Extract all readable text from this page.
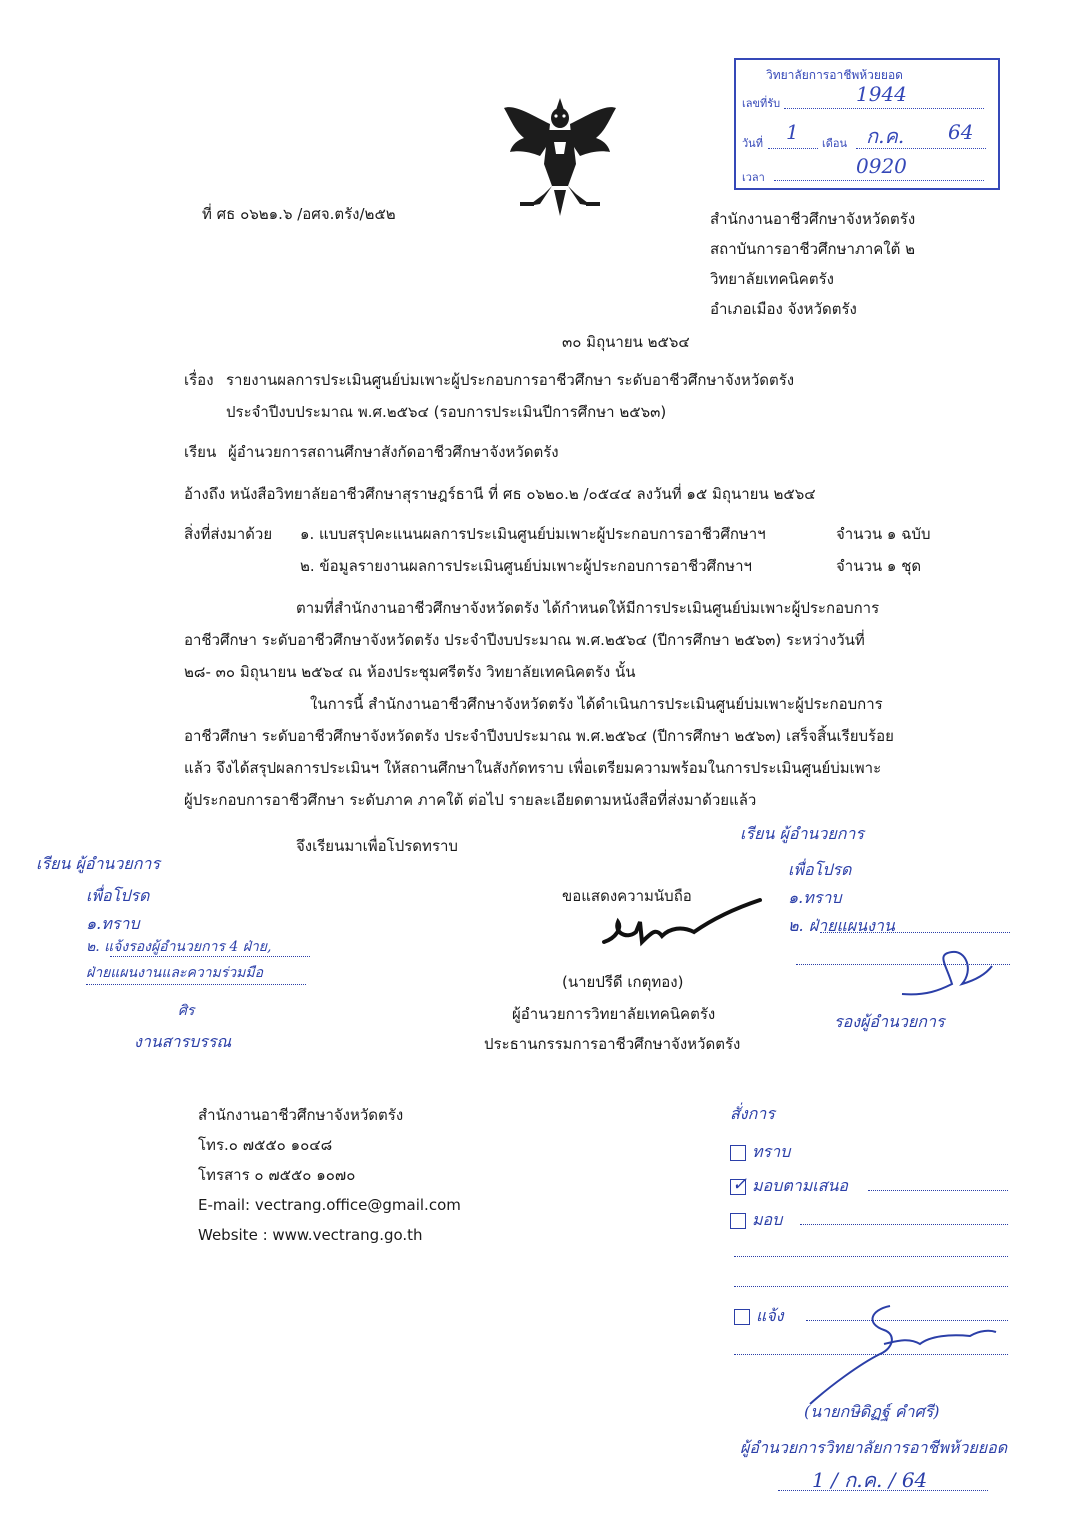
วิทยาลัยการอาชีพห้วยยอด
เลขที่รับ	1944
วันที่ 1 เดือน ก.ค. 64
เวลา	0920
ที่ ศธ ๐๖๒๑.๖ /อศจ.ตรัง/๒๕๒	สำนักงานอาชีวศึกษาจังหวัดตรัง
สถาบันการอาชีวศึกษาภาคใต้ ๒
วิทยาลัยเทคนิคตรัง
อำเภอเมือง จังหวัดตรัง
๓๐ มิถุนายน ๒๕๖๔
เรื่อง รายงานผลการประเมินศูนย์บ่มเพาะผู้ประกอบการอาชีวศึกษา ระดับอาชีวศึกษาจังหวัดตรัง
ประจำปีงบประมาณ พ.ศ.๒๕๖๔ (รอบการประเมินปีการศึกษา ๒๕๖๓)
เรียน ผู้อำนวยการสถานศึกษาสังกัดอาชีวศึกษาจังหวัดตรัง
อ้างถึง หนังสือวิทยาลัยอาชีวศึกษาสุราษฎร์ธานี ที่ ศธ ๐๖๒๐.๒ /๐๕๔๔ ลงวันที่ ๑๕ มิถุนายน ๒๕๖๔
สิ่งที่ส่งมาด้วย ๑. แบบสรุปคะแนนผลการประเมินศูนย์บ่มเพาะผู้ประกอบการอาชีวศึกษาฯ	จำนวน ๑ ฉบับ
๒. ข้อมูลรายงานผลการประเมินศูนย์บ่มเพาะผู้ประกอบการอาชีวศึกษาฯ	จำนวน ๑ ชุด
ตามที่สำนักงานอาชีวศึกษาจังหวัดตรัง ได้กำหนดให้มีการประเมินศูนย์บ่มเพาะผู้ประกอบการ
อาชีวศึกษา ระดับอาชีวศึกษาจังหวัดตรัง ประจำปีงบประมาณ พ.ศ.๒๕๖๔ (ปีการศึกษา ๒๕๖๓) ระหว่างวันที่
๒๘- ๓๐ มิถุนายน ๒๕๖๔ ณ ห้องประชุมศรีตรัง วิทยาลัยเทคนิคตรัง นั้น
ในการนี้ สำนักงานอาชีวศึกษาจังหวัดตรัง ได้ดำเนินการประเมินศูนย์บ่มเพาะผู้ประกอบการ
อาชีวศึกษา ระดับอาชีวศึกษาจังหวัดตรัง ประจำปีงบประมาณ พ.ศ.๒๕๖๔ (ปีการศึกษา ๒๕๖๓) เสร็จสิ้นเรียบร้อย
แล้ว จึงได้สรุปผลการประเมินฯ ให้สถานศึกษาในสังกัดทราบ เพื่อเตรียมความพร้อมในการประเมินศูนย์บ่มเพาะ
ผู้ประกอบการอาชีวศึกษา ระดับภาค ภาคใต้ ต่อไป รายละเอียดตามหนังสือที่ส่งมาด้วยแล้ว
จึงเรียนมาเพื่อโปรดทราบ
ขอแสดงความนับถือ
(นายปรีดี เกตุทอง)
ผู้อำนวยการวิทยาลัยเทคนิคตรัง
ประธานกรรมการอาชีวศึกษาจังหวัดตรัง
เรียน ผู้อำนวยการ
เพื่อโปรด
๑.ทราบ
๒. แจ้งรองผู้อำนวยการ 4 ฝ่าย,
ฝ่ายแผนงานและความร่วมมือ
ศิร
งานสารบรรณ
เรียน ผู้อำนวยการ
เพื่อโปรด
๑.ทราบ
๒. ฝ่ายแผนงาน
รองผู้อำนวยการ
สำนักงานอาชีวศึกษาจังหวัดตรัง
โทร.๐ ๗๕๕๐ ๑๐๔๘
โทรสาร ๐ ๗๕๕๐ ๑๐๗๐
E-mail: vectrang.office@gmail.com
Website : www.vectrang.go.th
สั่งการ
ทราบ
✓มอบตามเสนอ
มอบ
แจ้ง
(นายกษิดิฏฐ์ คำศรี)
ผู้อำนวยการวิทยาลัยการอาชีพห้วยยอด
1 / ก.ค. / 64
